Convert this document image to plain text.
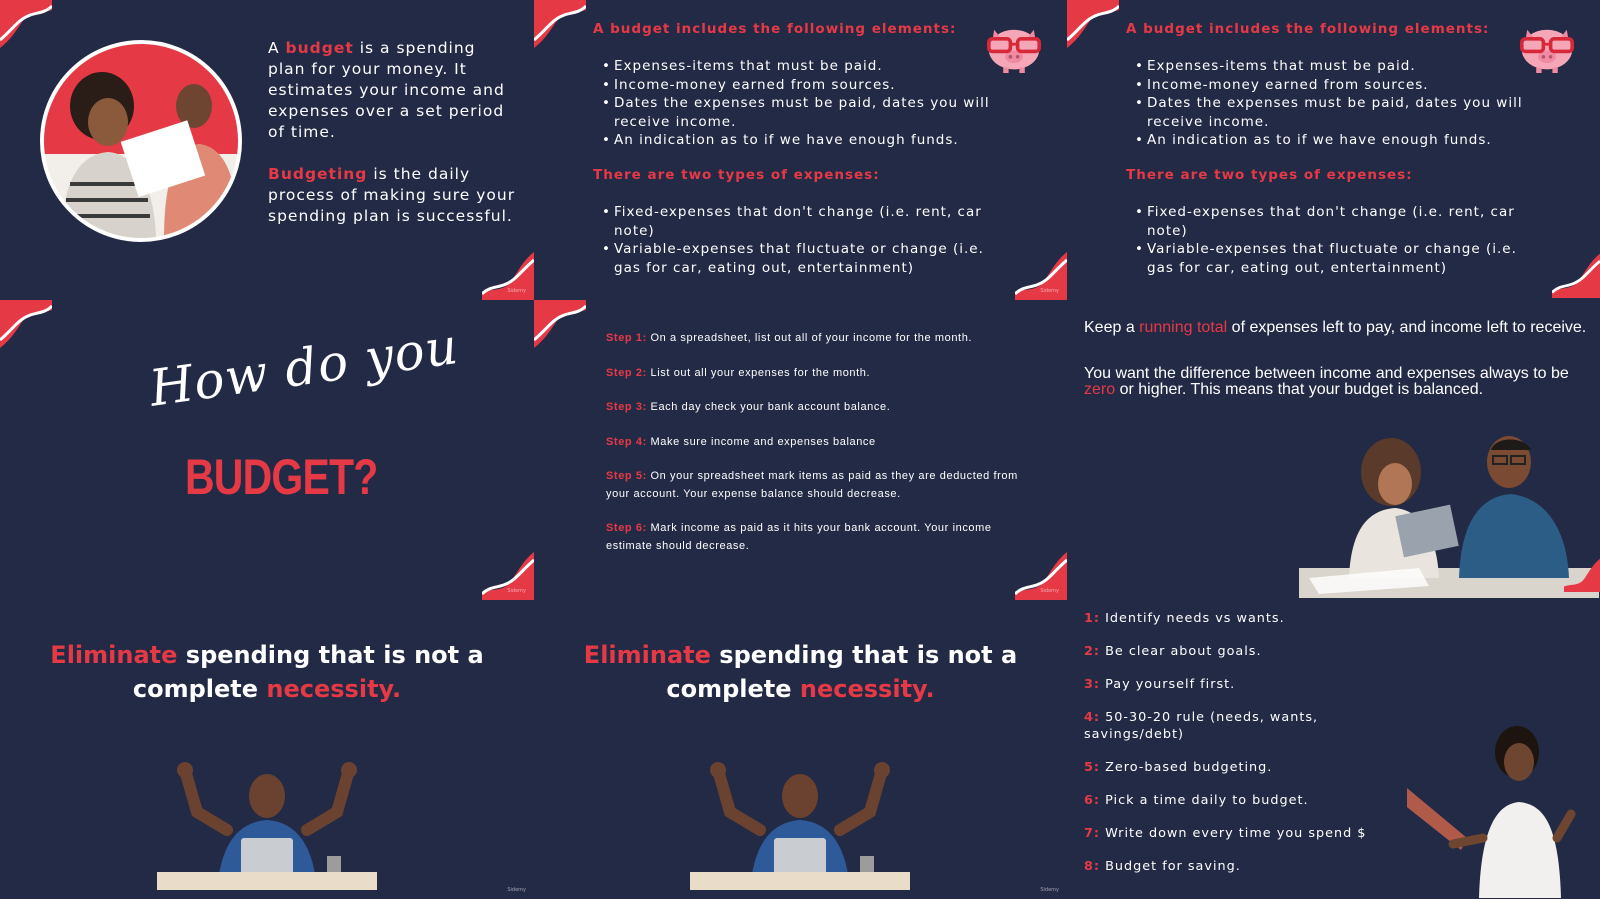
A budget is a spending plan for your money. It estimates your income and expenses over a set period of time.

Budgeting is the daily process of making sure your spending plan is successful.

Sidemy
A budget includes the following elements:
• Expenses-items that must be paid.
• Income-money earned from sources.
• Dates the expenses must be paid, dates you will receive income.
• An indication as to if we have enough funds.
There are two types of expenses:
• Fixed-expenses that don't change (i.e. rent, car note)
• Variable-expenses that fluctuate or change (i.e. gas for car, eating out, entertainment)
Sidemy
A budget includes the following elements:
• Expenses-items that must be paid.
• Income-money earned from sources.
• Dates the expenses must be paid, dates you will receive income.
• An indication as to if we have enough funds.
There are two types of expenses:
• Fixed-expenses that don't change (i.e. rent, car note)
• Variable-expenses that fluctuate or change (i.e. gas for car, eating out, entertainment)
Sidemy
How do you
BUDGET?
Step 1: On a spreadsheet, list out all of your income for the month.
Step 2: List out all your expenses for the month.
Step 3: Each day check your bank account balance.
Step 4: Make sure income and expenses balance
Step 5: On your spreadsheet mark items as paid as they are deducted from your account. Your expense balance should decrease.
Step 6: Mark income as paid as it hits your bank account. Your income estimate should decrease.
Sidemy
Keep a running total of expenses left to pay, and income left to receive.
You want the difference between income and expenses always to be zero or higher. This means that your budget is balanced.
Sidemy
Eliminate spending that is not a complete necessity.
Eliminate spending that is not a complete necessity.
Sidemy
1: Identify needs vs wants.
2: Be clear about goals.
3: Pay yourself first.
4: 50-30-20 rule (needs, wants, savings/debt)
5: Zero-based budgeting.
6: Pick a time daily to budget.
7: Write down every time you spend $
8: Budget for saving.
